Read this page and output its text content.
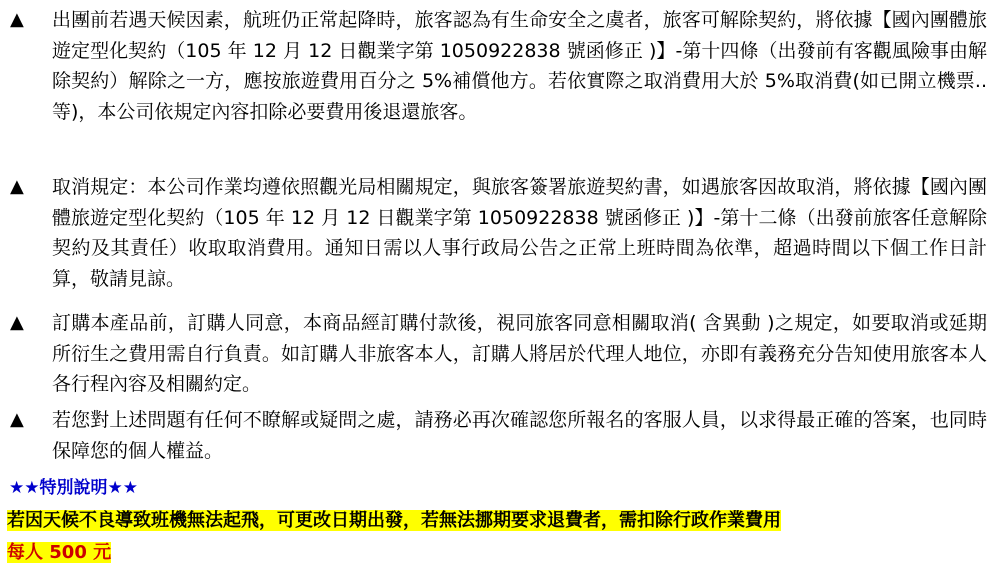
▲ 出團前若遇天候因素，航班仍正常起降時，旅客認為有生命安全之虞者，旅客可解除契約，將依據【國內團體旅遊定型化契約（105 年 12 月 12 日觀業字第 1050922838 號函修正 )】-第十四條（出發前有客觀風險事由解除契約）解除之一方，應按旅遊費用百分之 5%補償他方。若依實際之取消費用大於 5%取消費(如已開立機票..等)，本公司依規定內容扣除必要費用後退還旅客。
▲ 取消規定：本公司作業均遵依照觀光局相關規定，與旅客簽署旅遊契約書，如遇旅客因故取消，將依據【國內團體旅遊定型化契約（105 年 12 月 12 日觀業字第 1050922838 號函修正 )】-第十二條（出發前旅客任意解除契約及其責任）收取取消費用。通知日需以人事行政局公告之正常上班時間為依準，超過時間以下個工作日計算，敬請見諒。
▲ 訂購本產品前，訂購人同意，本商品經訂購付款後，視同旅客同意相關取消( 含異動 )之規定，如要取消或延期所衍生之費用需自行負責。如訂購人非旅客本人，訂購人將居於代理人地位，亦即有義務充分告知使用旅客本人各行程內容及相關約定。
▲ 若您對上述問題有任何不瞭解或疑問之處，請務必再次確認您所報名的客服人員，以求得最正確的答案，也同時保障您的個人權益。
★★特別說明★★
若因天候不良導致班機無法起飛，可更改日期出發，若無法挪期要求退費者，需扣除行政作業費用
每人 500 元
